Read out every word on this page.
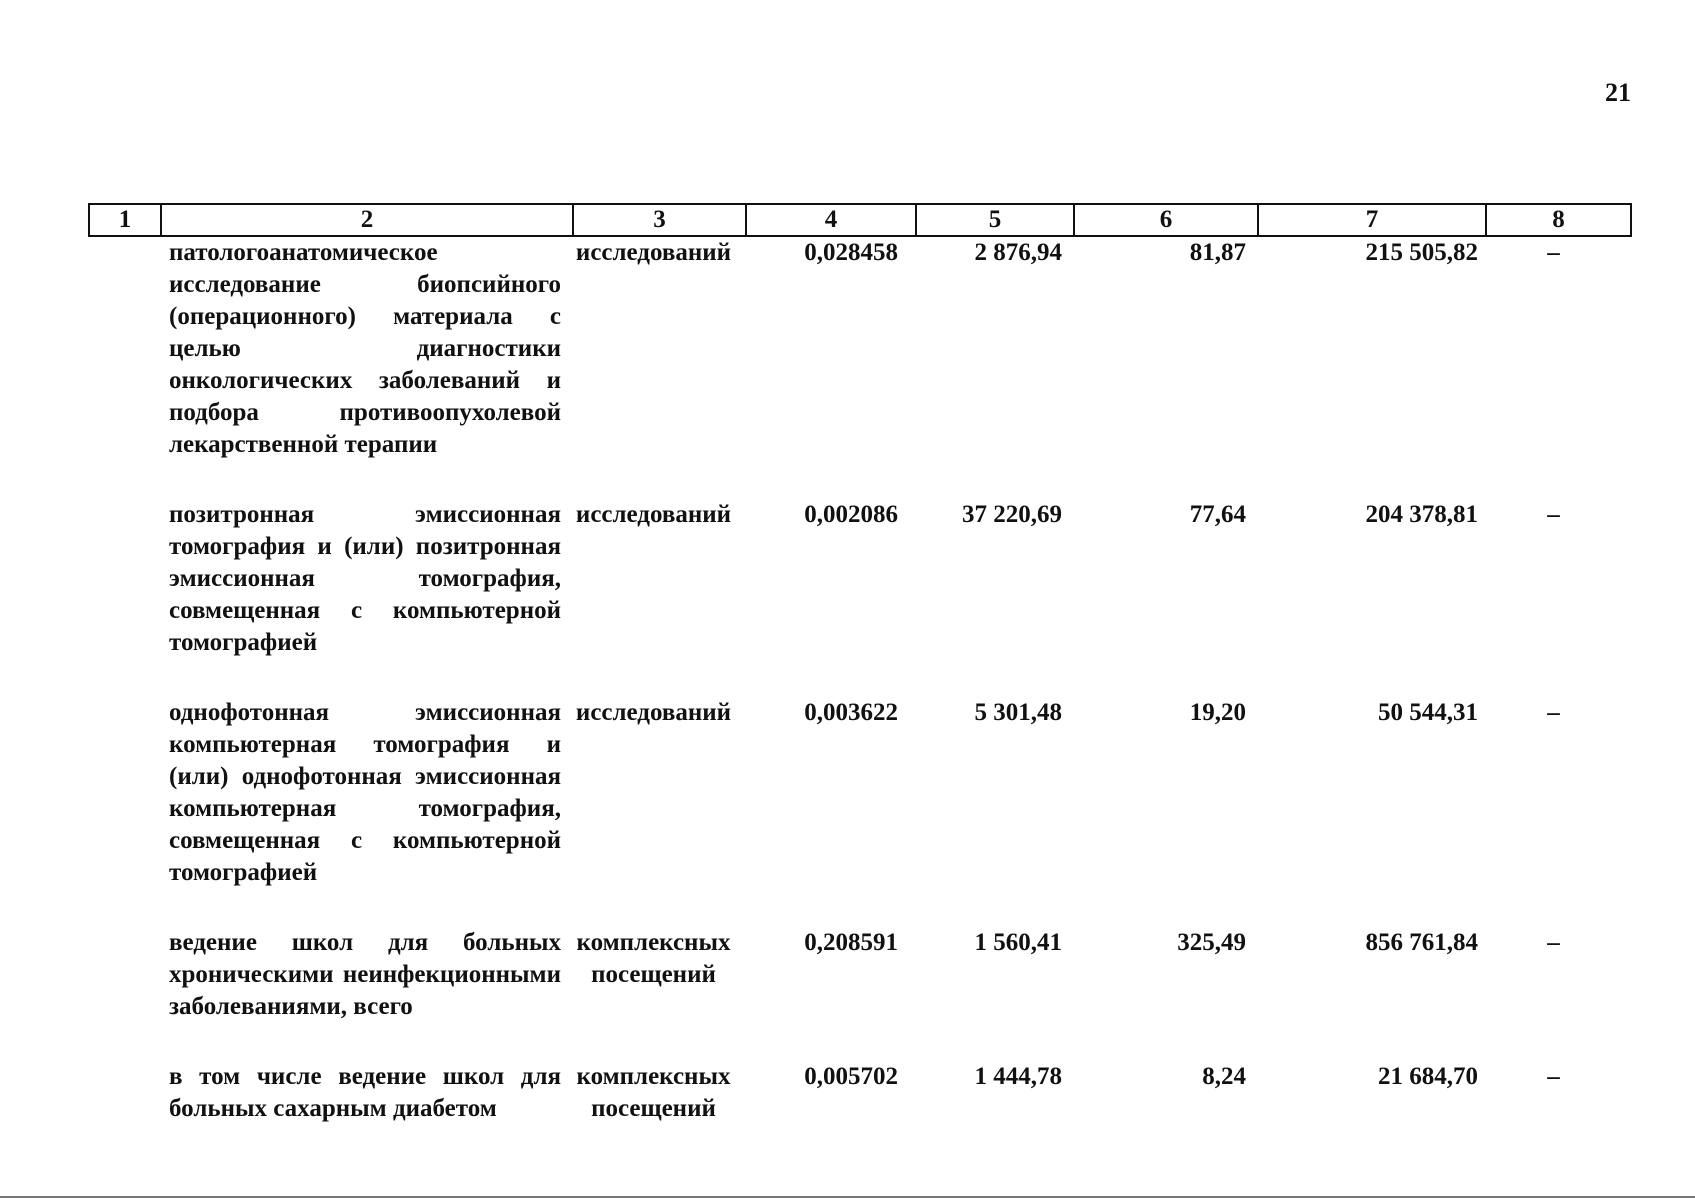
21
1	2	3	4	5	6	7	8
	патологоанатомическое исследование биопсийного (операционного) материала с целью диагностики онкологических заболеваний и подбора противоопухолевой лекарственной терапии	исследований	0,028458	2 876,94	81,87	215 505,82	–
	позитронная эмиссионная томография и (или) позитронная эмиссионная томография, совмещенная с компьютерной томографией	исследований	0,002086	37 220,69	77,64	204 378,81	–
	однофотонная эмиссионная компьютерная томография и (или) однофотонная эмиссионная компьютерная томография, совмещенная с компьютерной томографией	исследований	0,003622	5 301,48	19,20	50 544,31	–
	ведение школ для больных хроническими неинфекционными заболеваниями, всего	комплексных посещений	0,208591	1 560,41	325,49	856 761,84	–
	в том числе ведение школ для больных сахарным диабетом	комплексных посещений	0,005702	1 444,78	8,24	21 684,70	–
